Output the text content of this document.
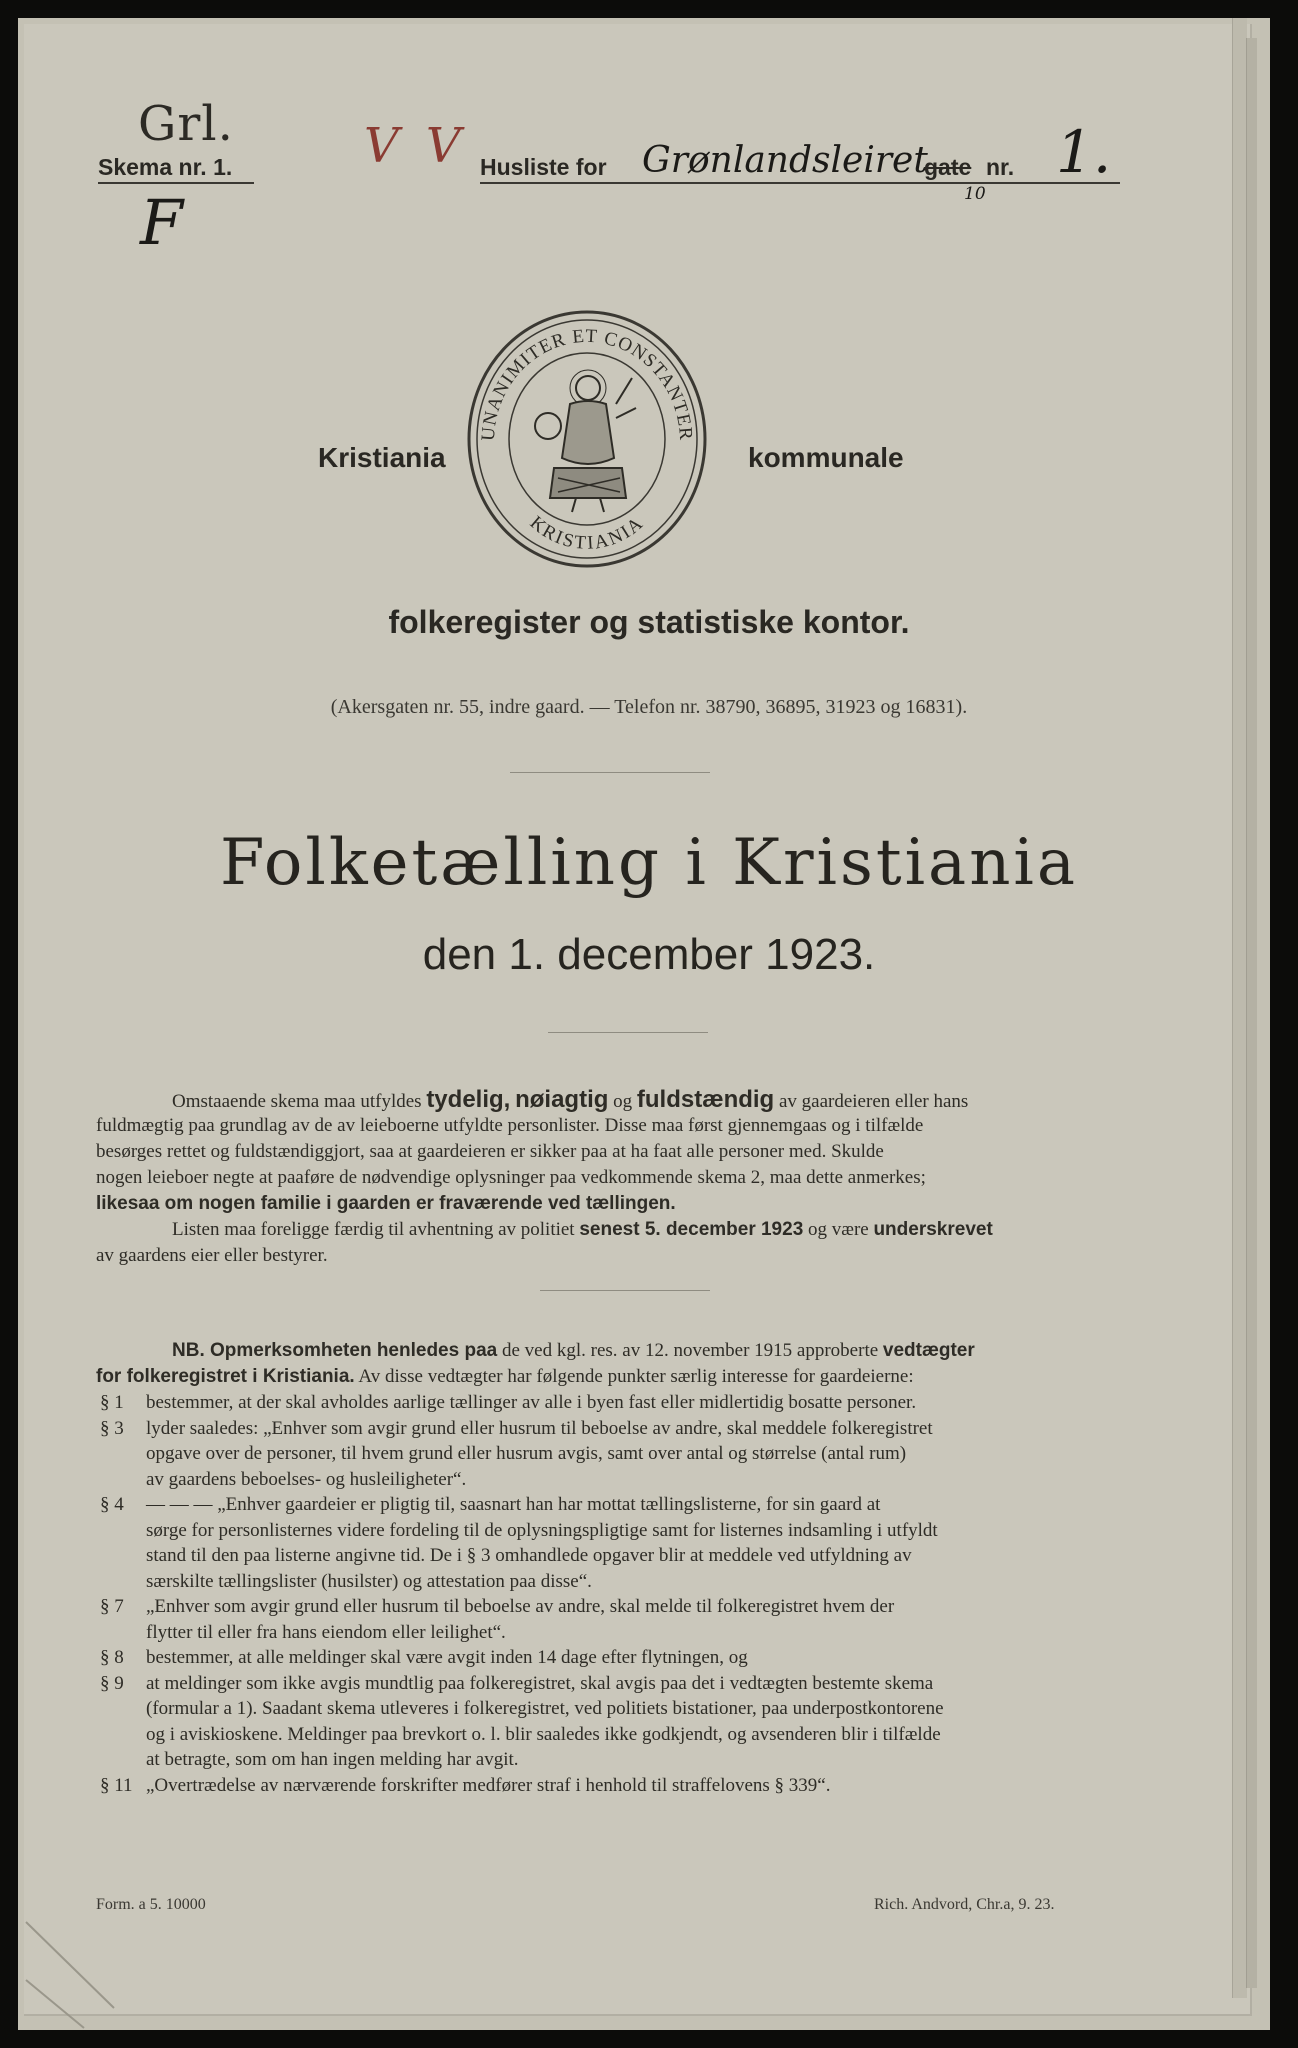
Grl.
Skema nr. 1.	V V
F
Husliste for Grønlandsleiret
gate nr. 1.
10
Kristiania	kommunale
UNANIMITER ET CONSTANTER
KRISTIANIA
folkeregister og statistiske kontor.
(Akersgaten nr. 55, indre gaard. — Telefon nr. 38790, 36895, 31923 og 16831).
Folketælling i Kristiania
den 1. december 1923.
Omstaaende skema maa utfyldes tydelig, nøiagtig og fuldstændig av gaardeieren eller hans
fuldmægtig paa grundlag av de av leieboerne utfyldte personlister. Disse maa først gjennemgaas og i tilfælde
besørges rettet og fuldstændiggjort, saa at gaardeieren er sikker paa at ha faat alle personer med. Skulde
nogen leieboer negte at paaføre de nødvendige oplysninger paa vedkommende skema 2, maa dette anmerkes;
likesaa om nogen familie i gaarden er fraværende ved tællingen.
Listen maa foreligge færdig til avhentning av politiet senest 5. december 1923 og være underskrevet
av gaardens eier eller bestyrer.
NB. Opmerksomheten henledes paa de ved kgl. res. av 12. november 1915 approberte vedtægter
for folkeregistret i Kristiania. Av disse vedtægter har følgende punkter særlig interesse for gaardeierne:
§ 1	bestemmer, at der skal avholdes aarlige tællinger av alle i byen fast eller midlertidig bosatte personer.
§ 3	lyder saaledes: „Enhver som avgir grund eller husrum til beboelse av andre, skal meddele folkeregistret
opgave over de personer, til hvem grund eller husrum avgis, samt over antal og størrelse (antal rum)
av gaardens beboelses- og husleiligheter“.
§ 4	— — — „Enhver gaardeier er pligtig til, saasnart han har mottat tællingslisterne, for sin gaard at
sørge for personlisternes videre fordeling til de oplysningspligtige samt for listernes indsamling i utfyldt
stand til den paa listerne angivne tid. De i § 3 omhandlede opgaver blir at meddele ved utfyldning av
særskilte tællingslister (husilster) og attestation paa disse“.
§ 7	„Enhver som avgir grund eller husrum til beboelse av andre, skal melde til folkeregistret hvem der
flytter til eller fra hans eiendom eller leilighet“.
§ 8	bestemmer, at alle meldinger skal være avgit inden 14 dage efter flytningen, og
§ 9	at meldinger som ikke avgis mundtlig paa folkeregistret, skal avgis paa det i vedtægten bestemte skema
(formular a 1). Saadant skema utleveres i folkeregistret, ved politiets bistationer, paa underpostkontorene
og i aviskioskene. Meldinger paa brevkort o. l. blir saaledes ikke godkjendt, og avsenderen blir i tilfælde
at betragte, som om han ingen melding har avgit.
§ 11 „Overtrædelse av nærværende forskrifter medfører straf i henhold til straffelovens § 339“.
Form. a 5. 10000	Rich. Andvord, Chr.a, 9. 23.
